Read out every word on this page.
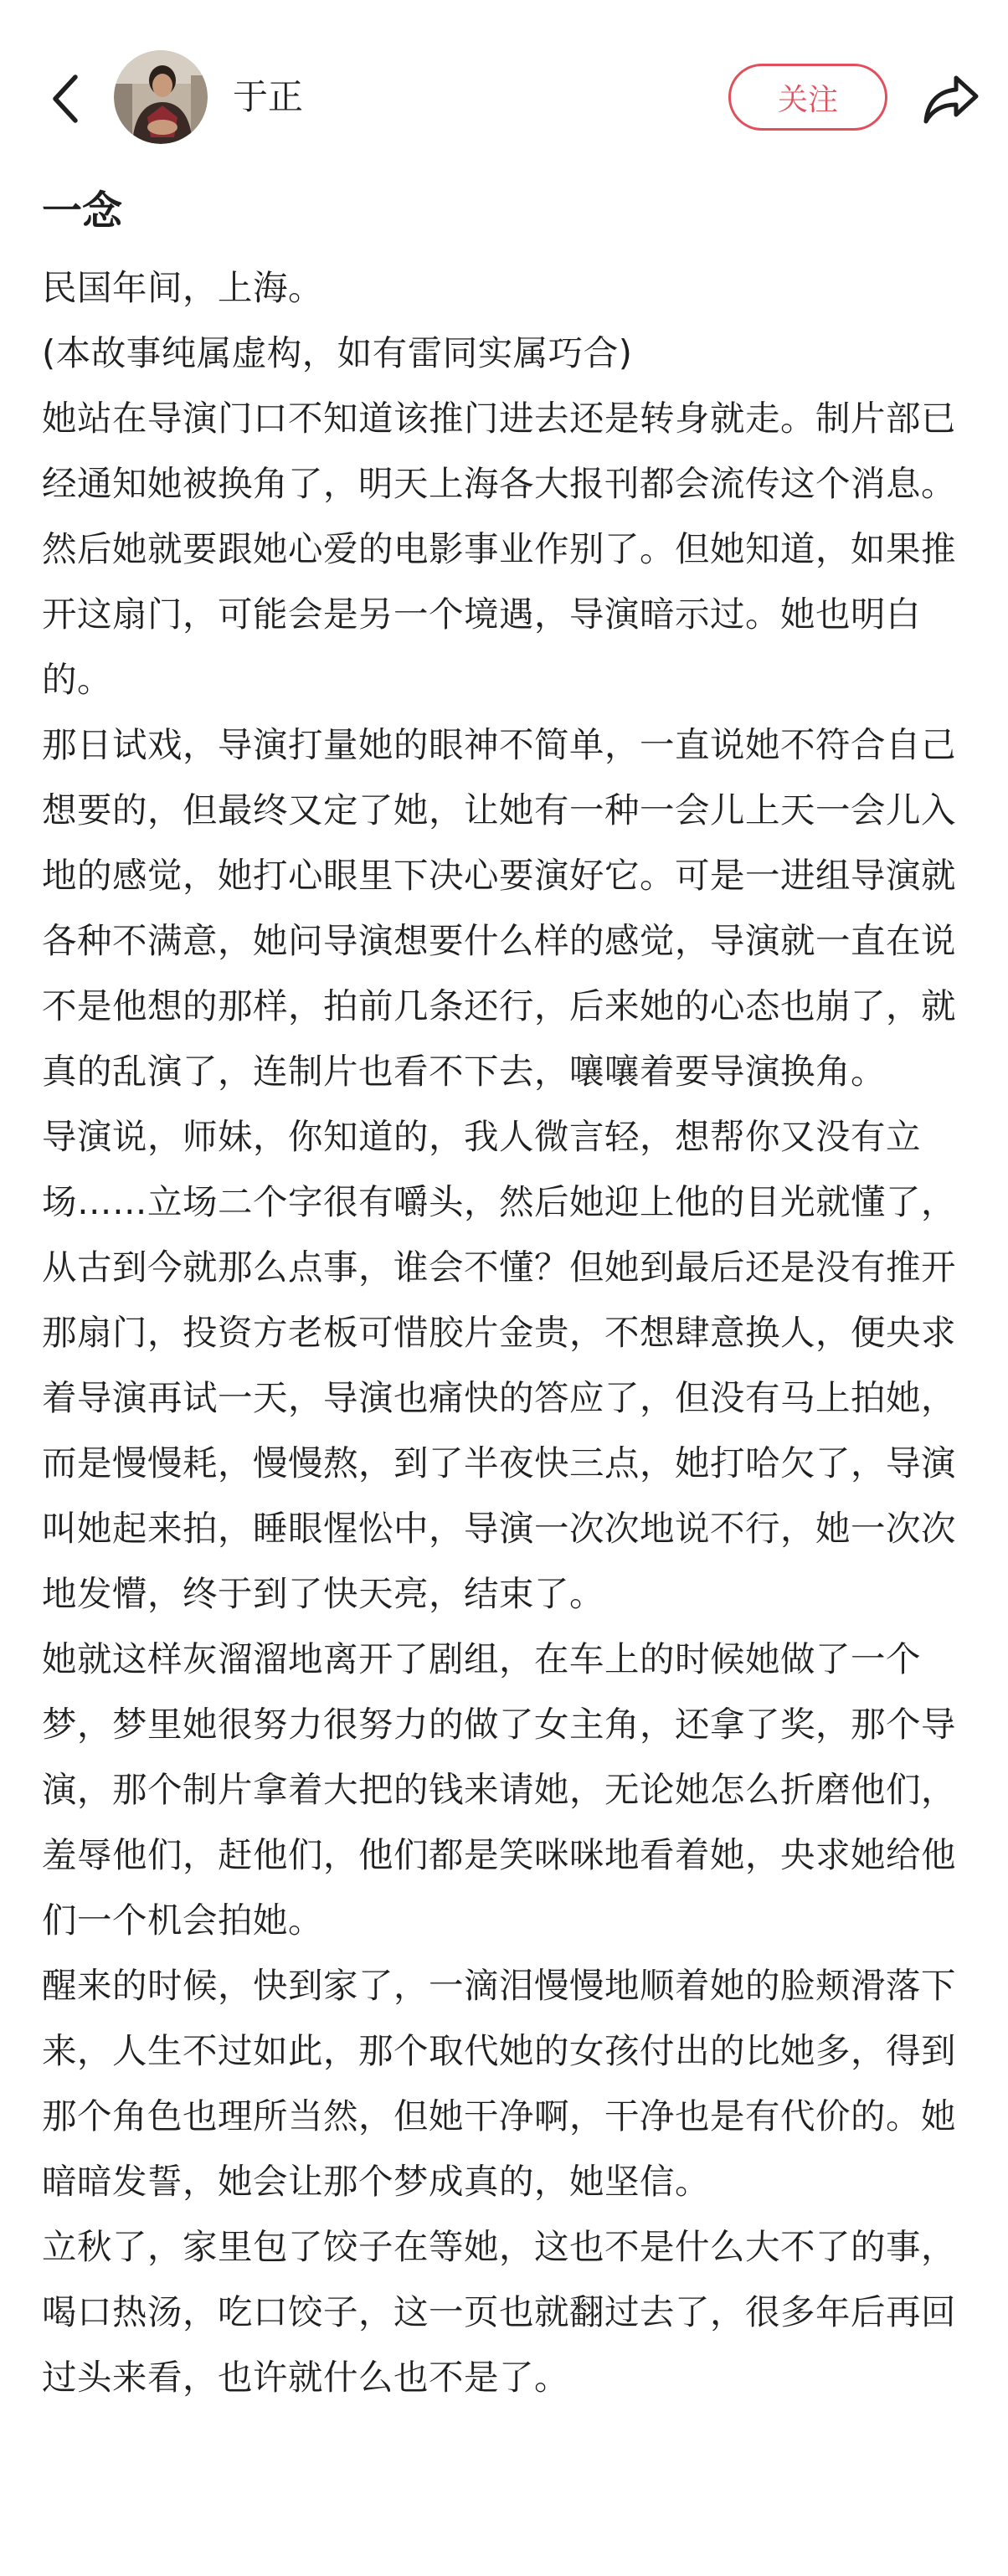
于正	关注
一念

民国年间，上海。

(本故事纯属虚构，如有雷同实属巧合)

她站在导演门口不知道该推门进去还是转身就走。制片部已经通知她被换角了，明天上海各大报刊都会流传这个消息。然后她就要跟她心爱的电影事业作别了。但她知道，如果推开这扇门，可能会是另一个境遇，导演暗示过。她也明白的。

那日试戏，导演打量她的眼神不简单，一直说她不符合自己想要的，但最终又定了她，让她有一种一会儿上天一会儿入地的感觉，她打心眼里下决心要演好它。可是一进组导演就各种不满意，她问导演想要什么样的感觉，导演就一直在说不是他想的那样，拍前几条还行，后来她的心态也崩了，就真的乱演了，连制片也看不下去，嚷嚷着要导演换角。

导演说，师妹，你知道的，我人微言轻，想帮你又没有立场……立场二个字很有嚼头，然后她迎上他的目光就懂了，从古到今就那么点事，谁会不懂？但她到最后还是没有推开那扇门，投资方老板可惜胶片金贵，不想肆意换人，便央求着导演再试一天，导演也痛快的答应了，但没有马上拍她，而是慢慢耗，慢慢熬，到了半夜快三点，她打哈欠了，导演叫她起来拍，睡眼惺忪中，导演一次次地说不行，她一次次地发懵，终于到了快天亮，结束了。

她就这样灰溜溜地离开了剧组，在车上的时候她做了一个梦，梦里她很努力很努力的做了女主角，还拿了奖，那个导演，那个制片拿着大把的钱来请她，无论她怎么折磨他们，羞辱他们，赶他们，他们都是笑咪咪地看着她，央求她给他们一个机会拍她。

醒来的时候，快到家了，一滴泪慢慢地顺着她的脸颊滑落下来，人生不过如此，那个取代她的女孩付出的比她多，得到那个角色也理所当然，但她干净啊，干净也是有代价的。她暗暗发誓，她会让那个梦成真的，她坚信。

立秋了，家里包了饺子在等她，这也不是什么大不了的事，喝口热汤，吃口饺子，这一页也就翻过去了，很多年后再回过头来看，也许就什么也不是了。
